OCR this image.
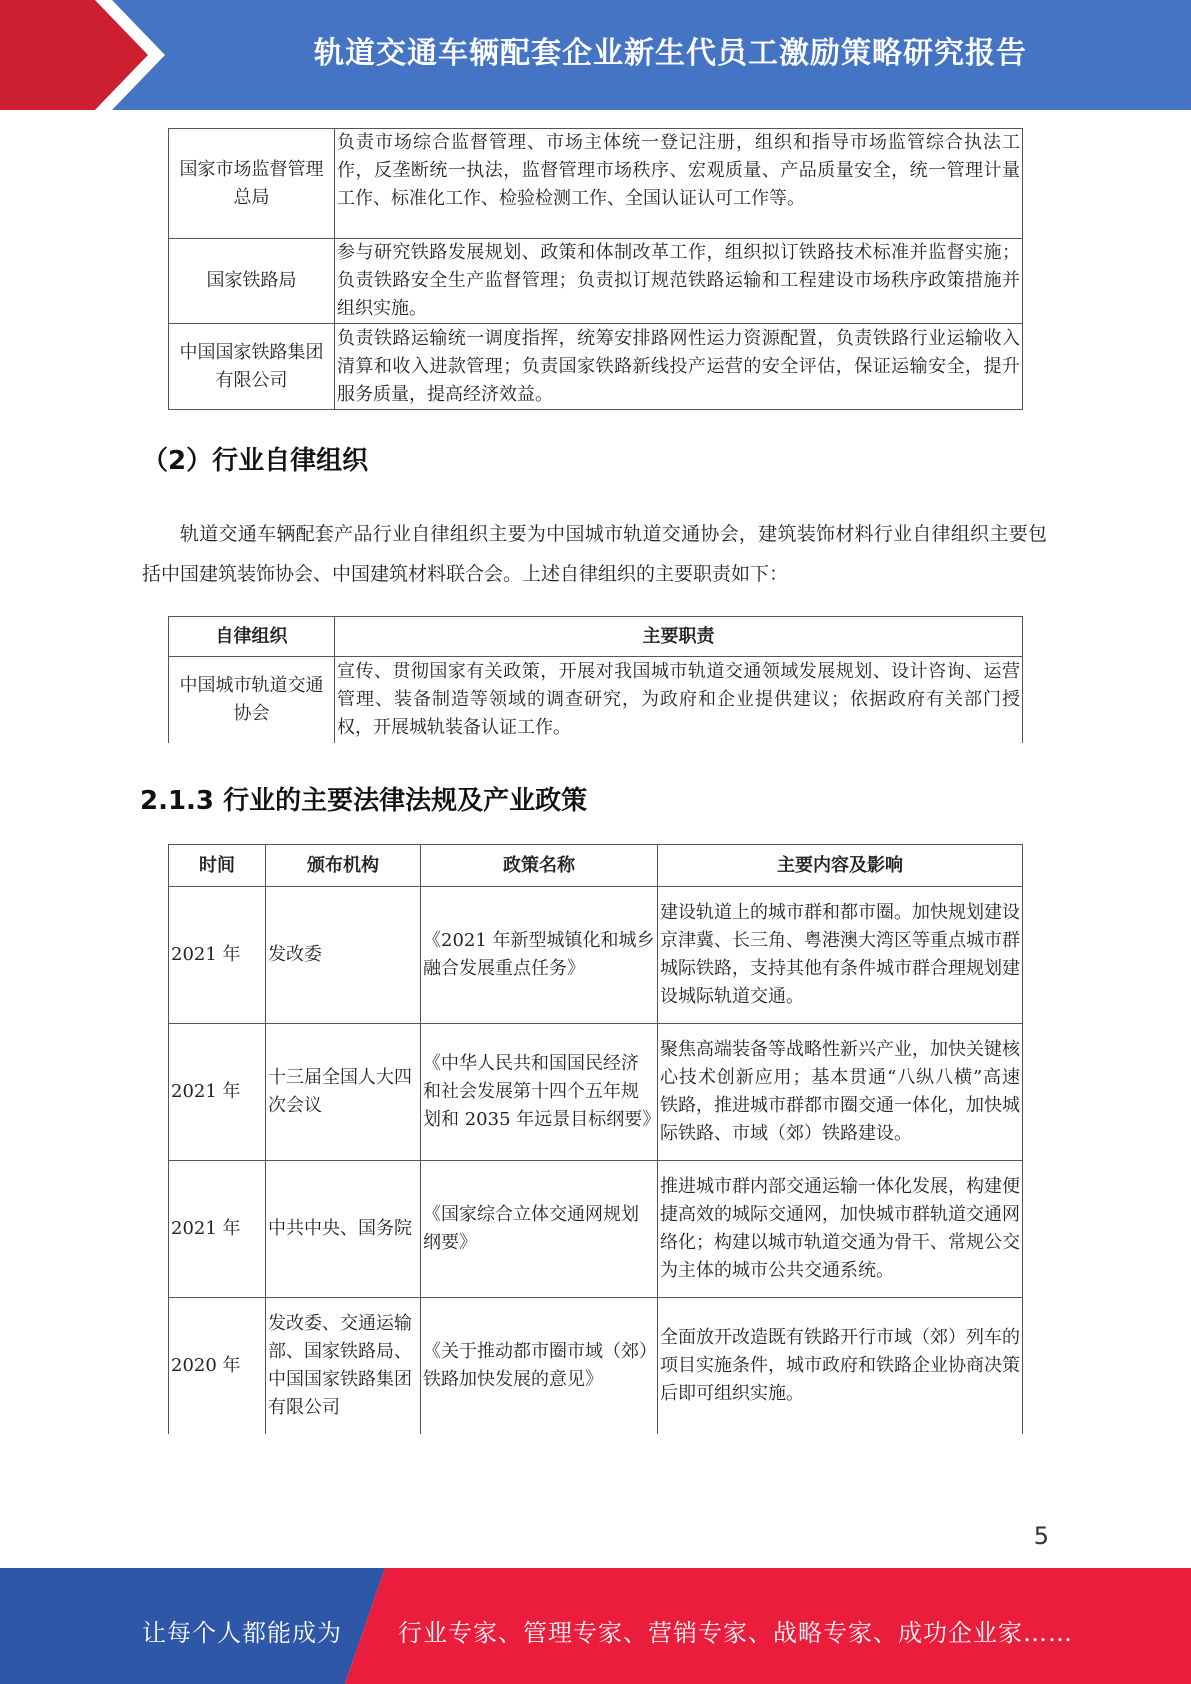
轨道交通车辆配套企业新生代员工激励策略研究报告
国家市场监督管理总局	负责市场综合监督管理、市场主体统一登记注册，组织和指导市场监管综合执法工作，反垄断统一执法，监督管理市场秩序、宏观质量、产品质量安全，统一管理计量工作、标准化工作、检验检测工作、全国认证认可工作等。
国家铁路局	参与研究铁路发展规划、政策和体制改革工作，组织拟订铁路技术标准并监督实施；负责铁路安全生产监督管理；负责拟订规范铁路运输和工程建设市场秩序政策措施并组织实施。
中国国家铁路集团有限公司	负责铁路运输统一调度指挥，统筹安排路网性运力资源配置，负责铁路行业运输收入清算和收入进款管理；负责国家铁路新线投产运营的安全评估，保证运输安全，提升服务质量，提高经济效益。
（2）行业自律组织
轨道交通车辆配套产品行业自律组织主要为中国城市轨道交通协会，建筑装饰材料行业自律组织主要包括中国建筑装饰协会、中国建筑材料联合会。上述自律组织的主要职责如下：
自律组织	主要职责
中国城市轨道交通协会	宣传、贯彻国家有关政策，开展对我国城市轨道交通领域发展规划、设计咨询、运营管理、装备制造等领域的调查研究，为政府和企业提供建议；依据政府有关部门授权，开展城轨装备认证工作。
2.1.3 行业的主要法律法规及产业政策
时间	颁布机构	政策名称	主要内容及影响
2021 年	发改委	《2021 年新型城镇化和城乡融合发展重点任务》	建设轨道上的城市群和都市圈。加快规划建设京津冀、长三角、粤港澳大湾区等重点城市群城际铁路，支持其他有条件城市群合理规划建设城际轨道交通。
2021 年	十三届全国人大四次会议	《中华人民共和国国民经济和社会发展第十四个五年规划和 2035 年远景目标纲要》	聚焦高端装备等战略性新兴产业，加快关键核心技术创新应用；基本贯通“八纵八横”高速铁路，推进城市群都市圈交通一体化，加快城际铁路、市域（郊）铁路建设。
2021 年	中共中央、国务院	《国家综合立体交通网规划纲要》	推进城市群内部交通运输一体化发展，构建便捷高效的城际交通网，加快城市群轨道交通网络化；构建以城市轨道交通为骨干、常规公交为主体的城市公共交通系统。
2020 年	发改委、交通运输部、国家铁路局、中国国家铁路集团有限公司	《关于推动都市圈市域（郊）铁路加快发展的意见》	全面放开改造既有铁路开行市域（郊）列车的项目实施条件，城市政府和铁路企业协商决策后即可组织实施。
5
让每个人都能成为 行业专家、管理专家、营销专家、战略专家、成功企业家……
